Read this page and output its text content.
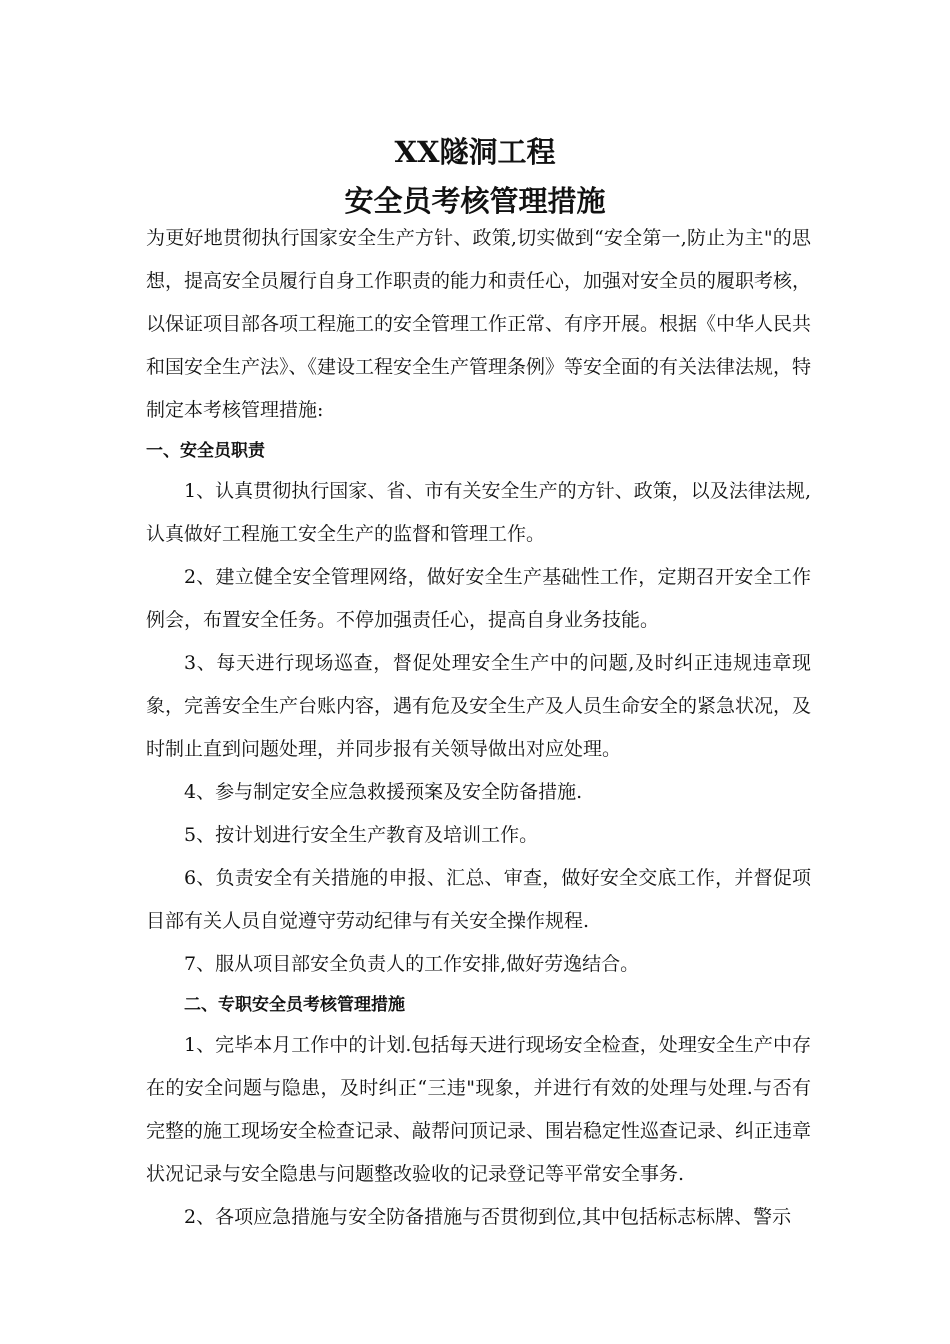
XX隧洞工程
安全员考核管理措施

为更好地贯彻执行国家安全生产方针、政策,切实做到“安全第一,防止为主"的思想，提高安全员履行自身工作职责的能力和责任心，加强对安全员的履职考核，以保证项目部各项工程施工的安全管理工作正常、有序开展。根据《中华人民共和国安全生产法》、《建设工程安全生产管理条例》等安全面的有关法律法规，特制定本考核管理措施:

一、安全员职责

1、认真贯彻执行国家、省、市有关安全生产的方针、政策，以及法律法规,认真做好工程施工安全生产的监督和管理工作。

2、建立健全安全管理网络，做好安全生产基础性工作，定期召开安全工作例会，布置安全任务。不停加强责任心，提高自身业务技能。

3、每天进行现场巡查，督促处理安全生产中的问题,及时纠正违规违章现象，完善安全生产台账内容，遇有危及安全生产及人员生命安全的紧急状况，及时制止直到问题处理，并同步报有关领导做出对应处理。

4、参与制定安全应急救援预案及安全防备措施.

5、按计划进行安全生产教育及培训工作。

6、负责安全有关措施的申报、汇总、审查，做好安全交底工作，并督促项目部有关人员自觉遵守劳动纪律与有关安全操作规程.

7、服从项目部安全负责人的工作安排,做好劳逸结合。

二、专职安全员考核管理措施

1、完毕本月工作中的计划.包括每天进行现场安全检查，处理安全生产中存在的安全问题与隐患，及时纠正“三违"现象，并进行有效的处理与处理.与否有完整的施工现场安全检查记录、敲帮问顶记录、围岩稳定性巡查记录、纠正违章状况记录与安全隐患与问题整改验收的记录登记等平常安全事务.

2、各项应急措施与安全防备措施与否贯彻到位,其中包括标志标牌、警示
